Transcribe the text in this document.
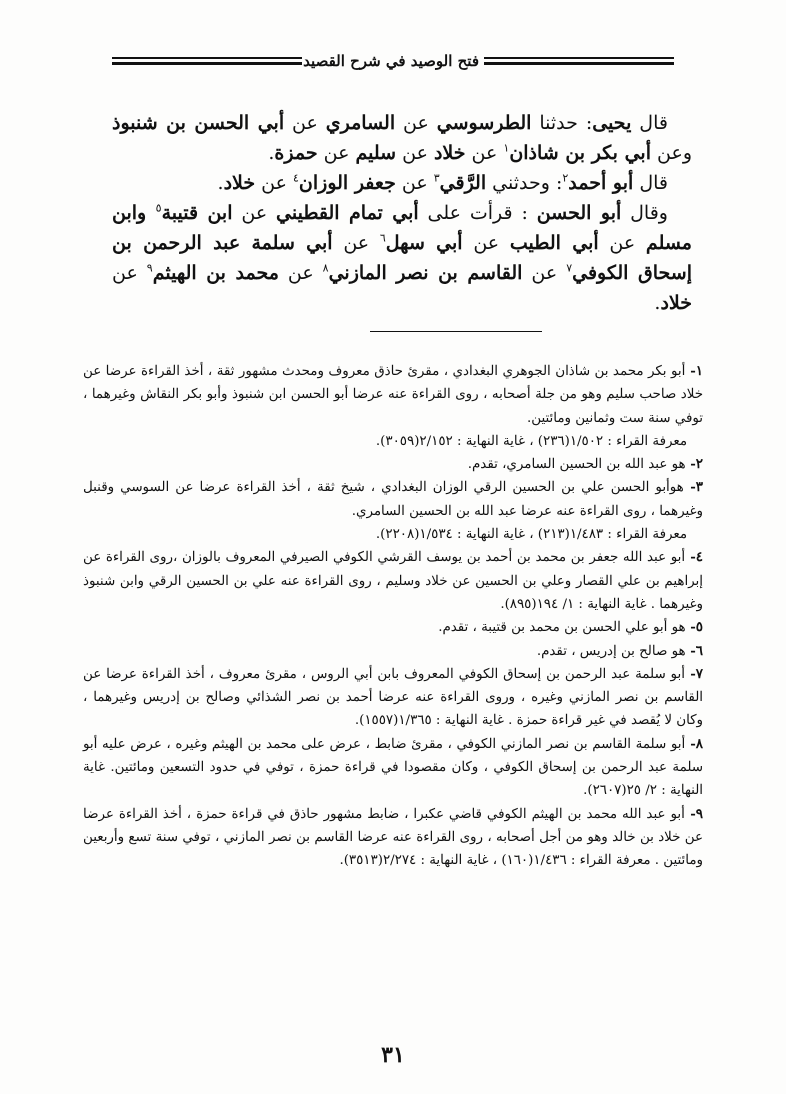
فتح الوصيد في شرح القصيد

قال يحيى: حدثنا الطرسوسي عن السامري عن أبي الحسن بن شنبوذ وعن أبي بكر بن شاذان$^١$ عن خلاد عن سليم عن حمزة.

قال أبو أحمد$^٢$: وحدثني الرَّقي$^٣$ عن جعفر الوزان$^٤$ عن خلاد.

وقال أبو الحسن : قرأت على أبي تمام القطيني عن ابن قتيبة$^٥$ وابن مسلم عن أبي الطيب عن أبي سهل$^٦$ عن أبي سلمة عبد الرحمن بن إسحاق الكوفي$^٧$ عن القاسم بن نصر المازني$^٨$ عن محمد بن الهيثم$^٩$ عن خلاد.

١- أبو بكر محمد بن شاذان الجوهري البغدادي ، مقرئ حاذق معروف ومحدث مشهور ثقة ، أخذ القراءة عرضا عن خلاد صاحب سليم وهو من جلة أصحابه ، روى القراءة عنه عرضا أبو الحسن ابن شنبوذ وأبو بكر النقاش وغيرهما ، توفي سنة ست وثمانين ومائتين.

معرفة القراء : ١/٥٠٢(٢٣٦) ، غاية النهاية : ٢/١٥٢(٣٠٥٩).

٢- هو عبد الله بن الحسين السامري، تقدم.

٣- هوأبو الحسن علي بن الحسين الرقي الوزان البغدادي ، شيخ ثقة ، أخذ القراءة عرضا عن السوسي وقنبل وغيرهما ، روى القراءة عنه عرضا عبد الله بن الحسين السامري.

معرفة القراء : ١/٤٨٣(٢١٣) ، غاية النهاية : ١/٥٣٤(٢٢٠٨).

٤- أبو عبد الله جعفر بن محمد بن أحمد بن يوسف القرشي الكوفي الصيرفي المعروف بالوزان ،روى القراءة عن إبراهيم بن علي القصار وعلي بن الحسين عن خلاد وسليم ، روى القراءة عنه علي بن الحسين الرقي وابن شنبوذ وغيرهما . غاية النهاية : ١/ ١٩٤(٨٩٥).

٥- هو أبو علي الحسن بن محمد بن قتيبة ، تقدم.

٦- هو صالح بن إدريس ، تقدم.

٧- أبو سلمة عبد الرحمن بن إسحاق الكوفي المعروف بابن أبي الروس ، مقرئ معروف ، أخذ القراءة عرضا عن القاسم بن نصر المازني وغيره ، وروى القراءة عنه عرضا أحمد بن نصر الشذائي وصالح بن إدريس وغيرهما ، وكان لا يُقصد في غير قراءة حمزة . غاية النهاية : ١/٣٦٥(١٥٥٧).

٨- أبو سلمة القاسم بن نصر المازني الكوفي ، مقرئ ضابط ، عرض على محمد بن الهيثم وغيره ، عرض عليه أبو سلمة عبد الرحمن بن إسحاق الكوفي ، وكان مقصودا في قراءة حمزة ، توفي في حدود التسعين ومائتين. غاية النهاية : ٢/ ٢٥(٢٦٠٧).

٩- أبو عبد الله محمد بن الهيثم الكوفي قاضي عكبرا ، ضابط مشهور حاذق في قراءة حمزة ، أخذ القراءة عرضا عن خلاد بن خالد وهو من أجل أصحابه ، روى القراءة عنه عرضا القاسم بن نصر المازني ، توفي سنة تسع وأربعين ومائتين . معرفة القراء : ١/٤٣٦(١٦٠) ، غاية النهاية : ٢/٢٧٤(٣٥١٣).

٣١
